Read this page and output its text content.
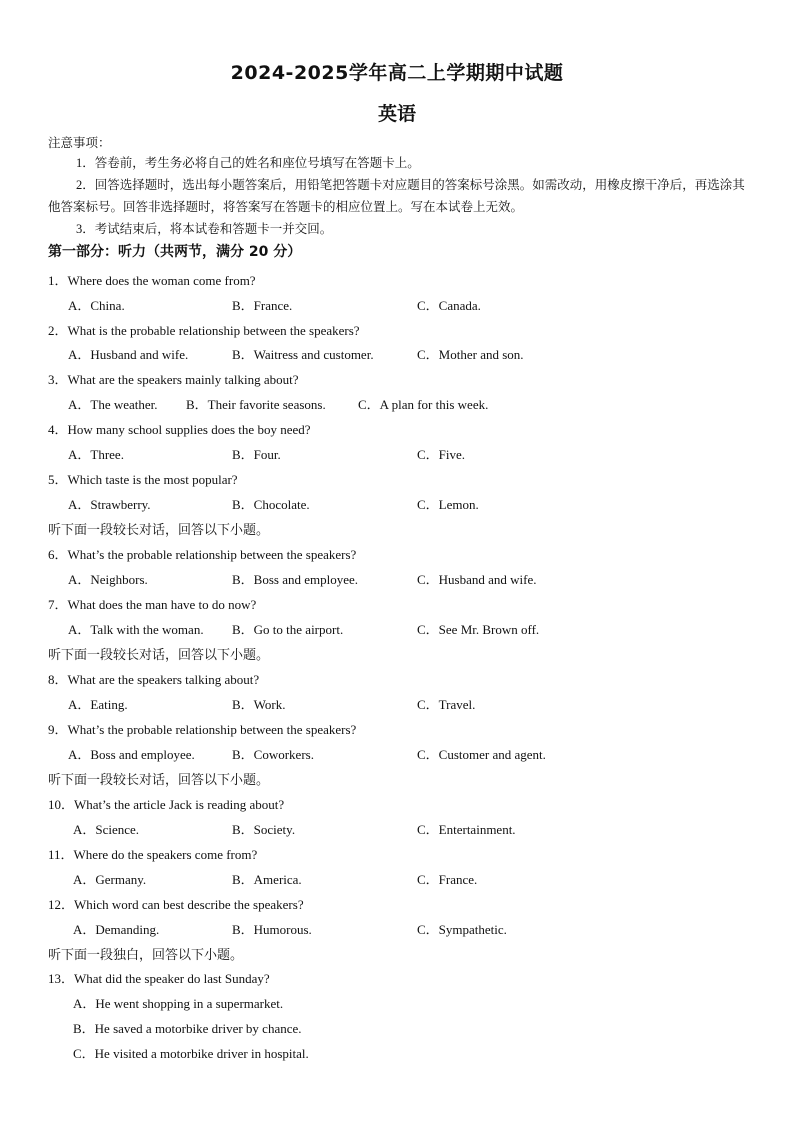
2024-2025学年高二上学期期中试题
英语
注意事项：
1．答卷前，考生务必将自己的姓名和座位号填写在答题卡上。
2．回答选择题时，选出每小题答案后，用铅笔把答题卡对应题目的答案标号涂黑。如需改动，用橡皮擦干净后，再选涂其他答案标号。回答非选择题时，将答案写在答题卡的相应位置上。写在本试卷上无效。
3．考试结束后，将本试卷和答题卡一并交回。
第一部分：听力（共两节，满分 20 分）
1．Where does the woman come from?
A．China.	B．France.	C．Canada.
2．What is the probable relationship between the speakers?
A．Husband and wife.	B．Waitress and customer.	C．Mother and son.
3．What are the speakers mainly talking about?
A．The weather. B．Their favorite seasons. C．A plan for this week.
4．How many school supplies does the boy need?
A．Three.	B．Four.	C．Five.
5．Which taste is the most popular?
A．Strawberry.	B．Chocolate.	C．Lemon.
听下面一段较长对话，回答以下小题。
6．What’s the probable relationship between the speakers?
A．Neighbors.	B．Boss and employee.	C．Husband and wife.
7．What does the man have to do now?
A．Talk with the woman. B．Go to the airport.	C．See Mr. Brown off.
听下面一段较长对话，回答以下小题。
8．What are the speakers talking about?
A．Eating.	B．Work.	C．Travel.
9．What’s the probable relationship between the speakers?
A．Boss and employee.	B．Coworkers.	C．Customer and agent.
听下面一段较长对话，回答以下小题。
10．What’s the article Jack is reading about?
A．Science.	B．Society.	C．Entertainment.
11．Where do the speakers come from?
A．Germany.	B．America.	C．France.
12．Which word can best describe the speakers?
A．Demanding.	B．Humorous.	C．Sympathetic.
听下面一段独白，回答以下小题。
13．What did the speaker do last Sunday?
A．He went shopping in a supermarket.
B．He saved a motorbike driver by chance.
C．He visited a motorbike driver in hospital.
